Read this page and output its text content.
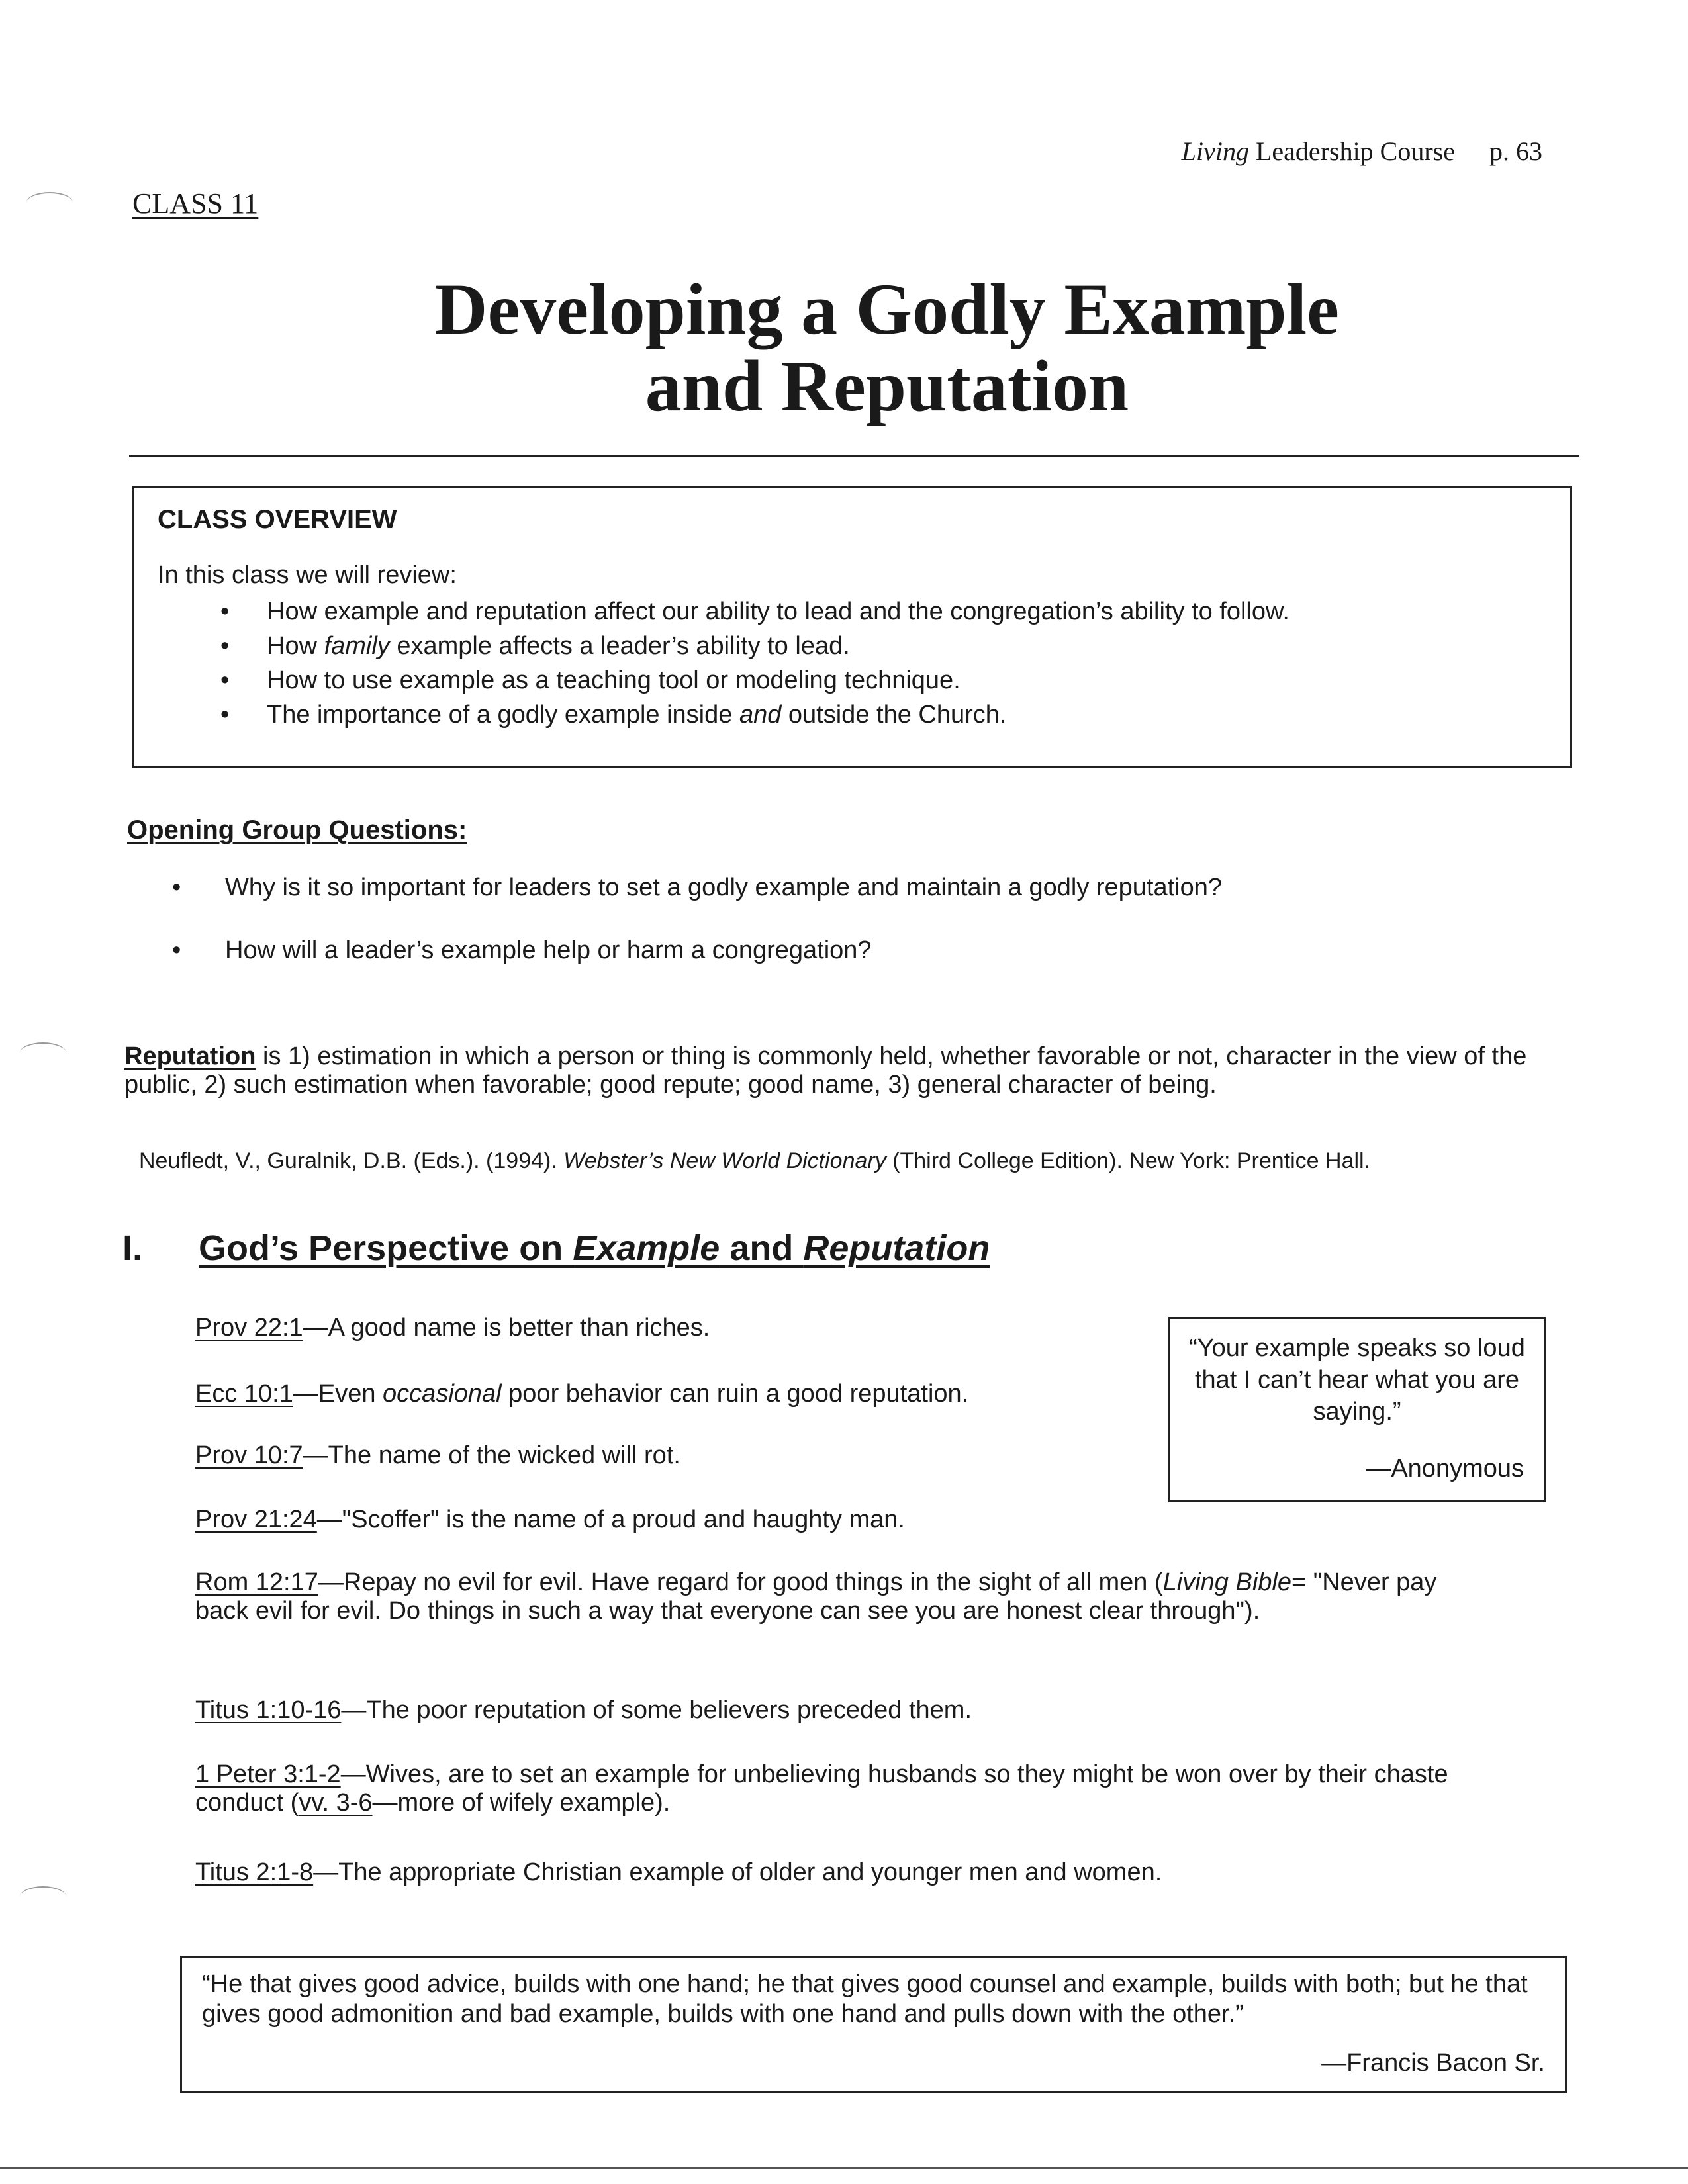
Living Leadership Course p. 63
CLASS 11
Developing a Godly Example
and Reputation
CLASS OVERVIEW
In this class we will review:
• How example and reputation affect our ability to lead and the congregation’s ability to follow.
• How family example affects a leader’s ability to lead.
• How to use example as a teaching tool or modeling technique.
• The importance of a godly example inside and outside the Church.
Opening Group Questions:
• Why is it so important for leaders to set a godly example and maintain a godly reputation?
• How will a leader’s example help or harm a congregation?
Reputation is 1) estimation in which a person or thing is commonly held, whether favorable or not, character in the view of the public, 2) such estimation when favorable; good repute; good name, 3) general character of being.
Neufledt, V., Guralnik, D.B. (Eds.). (1994). Webster’s New World Dictionary (Third College Edition). New York: Prentice Hall.
I. God’s Perspective on Example and Reputation
Prov 22:1—A good name is better than riches.
Ecc 10:1—Even occasional poor behavior can ruin a good reputation.
Prov 10:7—The name of the wicked will rot.
Prov 21:24—"Scoffer" is the name of a proud and haughty man.
Rom 12:17—Repay no evil for evil. Have regard for good things in the sight of all men (Living Bible= "Never pay back evil for evil. Do things in such a way that everyone can see you are honest clear through").
Titus 1:10-16—The poor reputation of some believers preceded them.
1 Peter 3:1-2—Wives, are to set an example for unbelieving husbands so they might be won over by their chaste conduct (vv. 3-6—more of wifely example).
Titus 2:1-8—The appropriate Christian example of older and younger men and women.
“Your example speaks so loud that I can’t hear what you are saying.”
—Anonymous
“He that gives good advice, builds with one hand; he that gives good counsel and example, builds with both; but he that gives good admonition and bad example, builds with one hand and pulls down with the other.”
—Francis Bacon Sr.
